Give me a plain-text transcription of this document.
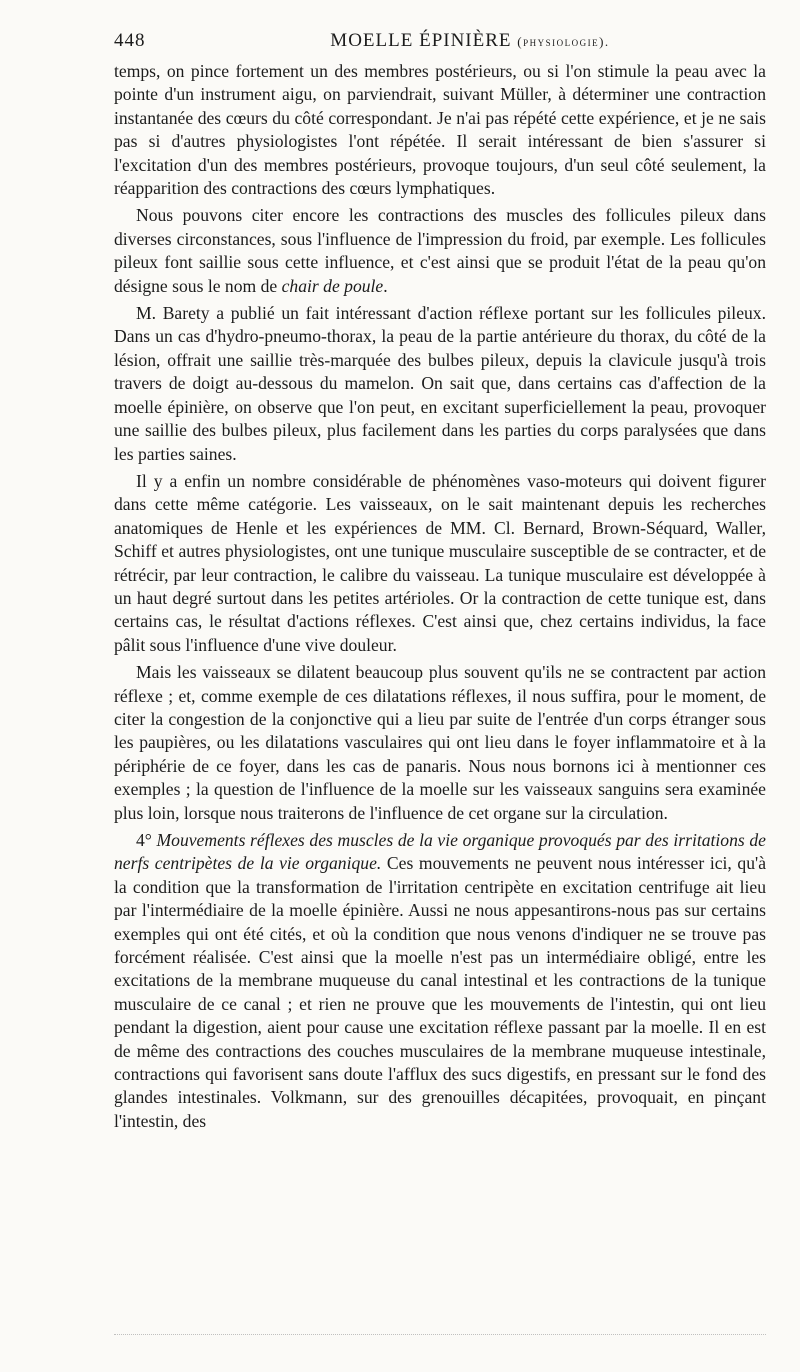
448	MOELLE ÉPINIÈRE (physiologie).

temps, on pince fortement un des membres postérieurs, ou si l'on stimule la peau avec la pointe d'un instrument aigu, on parviendrait, suivant Müller, à déterminer une contraction instantanée des cœurs du côté correspondant. Je n'ai pas répété cette expérience, et je ne sais pas si d'autres physiologistes l'ont répétée. Il serait intéressant de bien s'assurer si l'excitation d'un des membres postérieurs, provoque toujours, d'un seul côté seulement, la réapparition des contractions des cœurs lymphatiques.

Nous pouvons citer encore les contractions des muscles des follicules pileux dans diverses circonstances, sous l'influence de l'impression du froid, par exemple. Les follicules pileux font saillie sous cette influence, et c'est ainsi que se produit l'état de la peau qu'on désigne sous le nom de chair de poule.

M. Barety a publié un fait intéressant d'action réflexe portant sur les follicules pileux. Dans un cas d'hydro-pneumo-thorax, la peau de la partie antérieure du thorax, du côté de la lésion, offrait une saillie très-marquée des bulbes pileux, depuis la clavicule jusqu'à trois travers de doigt au-dessous du mamelon. On sait que, dans certains cas d'affection de la moelle épinière, on observe que l'on peut, en excitant superficiellement la peau, provoquer une saillie des bulbes pileux, plus facilement dans les parties du corps paralysées que dans les parties saines.

Il y a enfin un nombre considérable de phénomènes vaso-moteurs qui doivent figurer dans cette même catégorie. Les vaisseaux, on le sait maintenant depuis les recherches anatomiques de Henle et les expériences de MM. Cl. Bernard, Brown-Séquard, Waller, Schiff et autres physiologistes, ont une tunique musculaire susceptible de se contracter, et de rétrécir, par leur contraction, le calibre du vaisseau. La tunique musculaire est développée à un haut degré surtout dans les petites artérioles. Or la contraction de cette tunique est, dans certains cas, le résultat d'actions réflexes. C'est ainsi que, chez certains individus, la face pâlit sous l'influence d'une vive douleur.

Mais les vaisseaux se dilatent beaucoup plus souvent qu'ils ne se contractent par action réflexe ; et, comme exemple de ces dilatations réflexes, il nous suffira, pour le moment, de citer la congestion de la conjonctive qui a lieu par suite de l'entrée d'un corps étranger sous les paupières, ou les dilatations vasculaires qui ont lieu dans le foyer inflammatoire et à la périphérie de ce foyer, dans les cas de panaris. Nous nous bornons ici à mentionner ces exemples ; la question de l'influence de la moelle sur les vaisseaux sanguins sera examinée plus loin, lorsque nous traiterons de l'influence de cet organe sur la circulation.

4° Mouvements réflexes des muscles de la vie organique provoqués par des irritations de nerfs centripètes de la vie organique. Ces mouvements ne peuvent nous intéresser ici, qu'à la condition que la transformation de l'irritation centripète en excitation centrifuge ait lieu par l'intermédiaire de la moelle épinière. Aussi ne nous appesantirons-nous pas sur certains exemples qui ont été cités, et où la condition que nous venons d'indiquer ne se trouve pas forcément réalisée. C'est ainsi que la moelle n'est pas un intermédiaire obligé, entre les excitations de la membrane muqueuse du canal intestinal et les contractions de la tunique musculaire de ce canal ; et rien ne prouve que les mouvements de l'intestin, qui ont lieu pendant la digestion, aient pour cause une excitation réflexe passant par la moelle. Il en est de même des contractions des couches musculaires de la membrane muqueuse intestinale, contractions qui favorisent sans doute l'afflux des sucs digestifs, en pressant sur le fond des glandes intestinales. Volkmann, sur des grenouilles décapitées, provoquait, en pinçant l'intestin, des
